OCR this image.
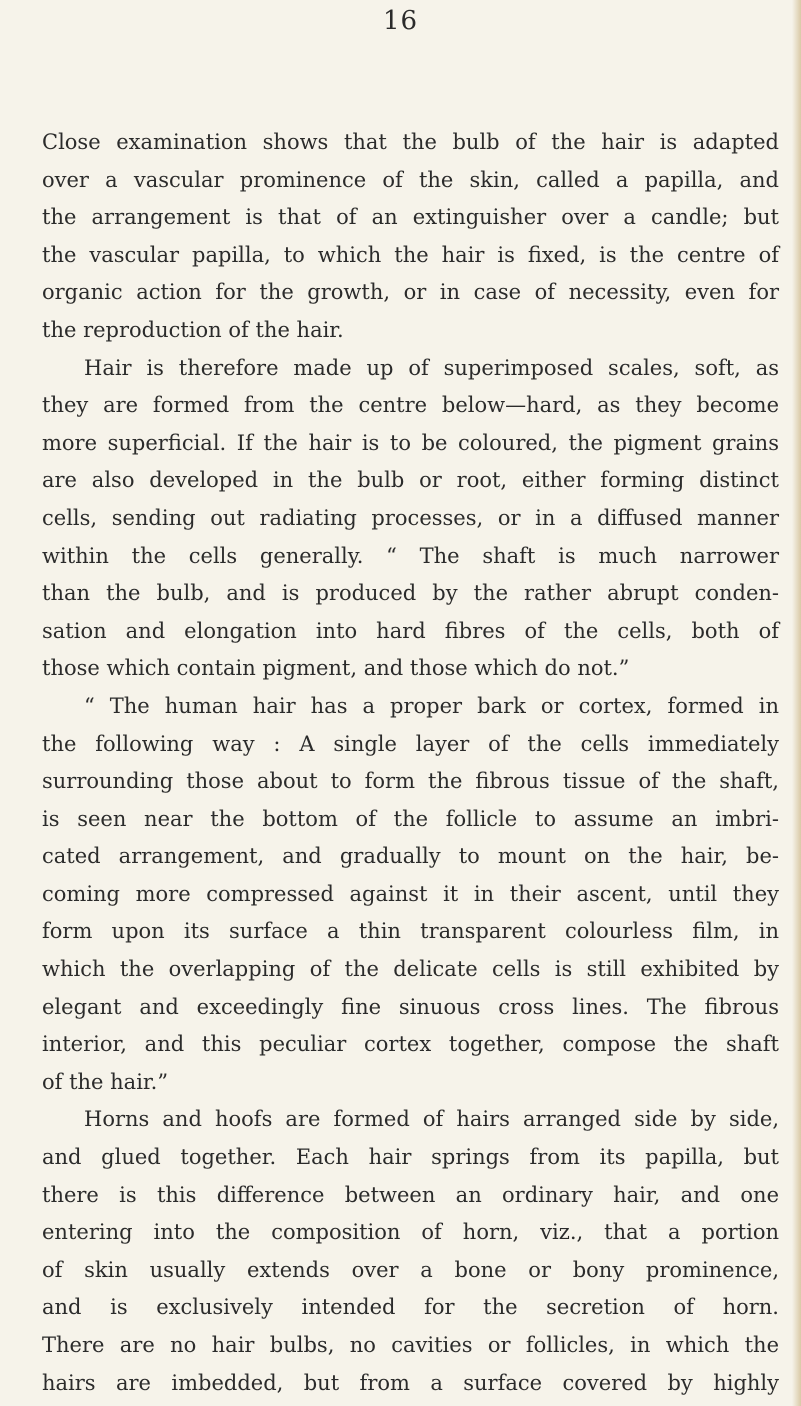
16
Close examination shows that the bulb of the hair is adapted
over a vascular prominence of the skin, called a papilla, and
the arrangement is that of an extinguisher over a candle; but
the vascular papilla, to which the hair is fixed, is the centre of
organic action for the growth, or in case of necessity, even for
the reproduction of the hair.
Hair is therefore made up of superimposed scales, soft, as
they are formed from the centre below—hard, as they become
more superficial. If the hair is to be coloured, the pigment grains
are also developed in the bulb or root, either forming distinct
cells, sending out radiating processes, or in a diffused manner
within the cells generally. “ The shaft is much narrower
than the bulb, and is produced by the rather abrupt conden-
sation and elongation into hard fibres of the cells, both of
those which contain pigment, and those which do not.”
“ The human hair has a proper bark or cortex, formed in
the following way : A single layer of the cells immediately
surrounding those about to form the fibrous tissue of the shaft,
is seen near the bottom of the follicle to assume an imbri-
cated arrangement, and gradually to mount on the hair, be-
coming more compressed against it in their ascent, until they
form upon its surface a thin transparent colourless film, in
which the overlapping of the delicate cells is still exhibited by
elegant and exceedingly fine sinuous cross lines. The fibrous
interior, and this peculiar cortex together, compose the shaft
of the hair.”
Horns and hoofs are formed of hairs arranged side by side,
and glued together. Each hair springs from its papilla, but
there is this difference between an ordinary hair, and one
entering into the composition of horn, viz., that a portion
of skin usually extends over a bone or bony prominence,
and is exclusively intended for the secretion of horn.
There are no hair bulbs, no cavities or follicles, in which the
hairs are imbedded, but from a surface covered by highly
